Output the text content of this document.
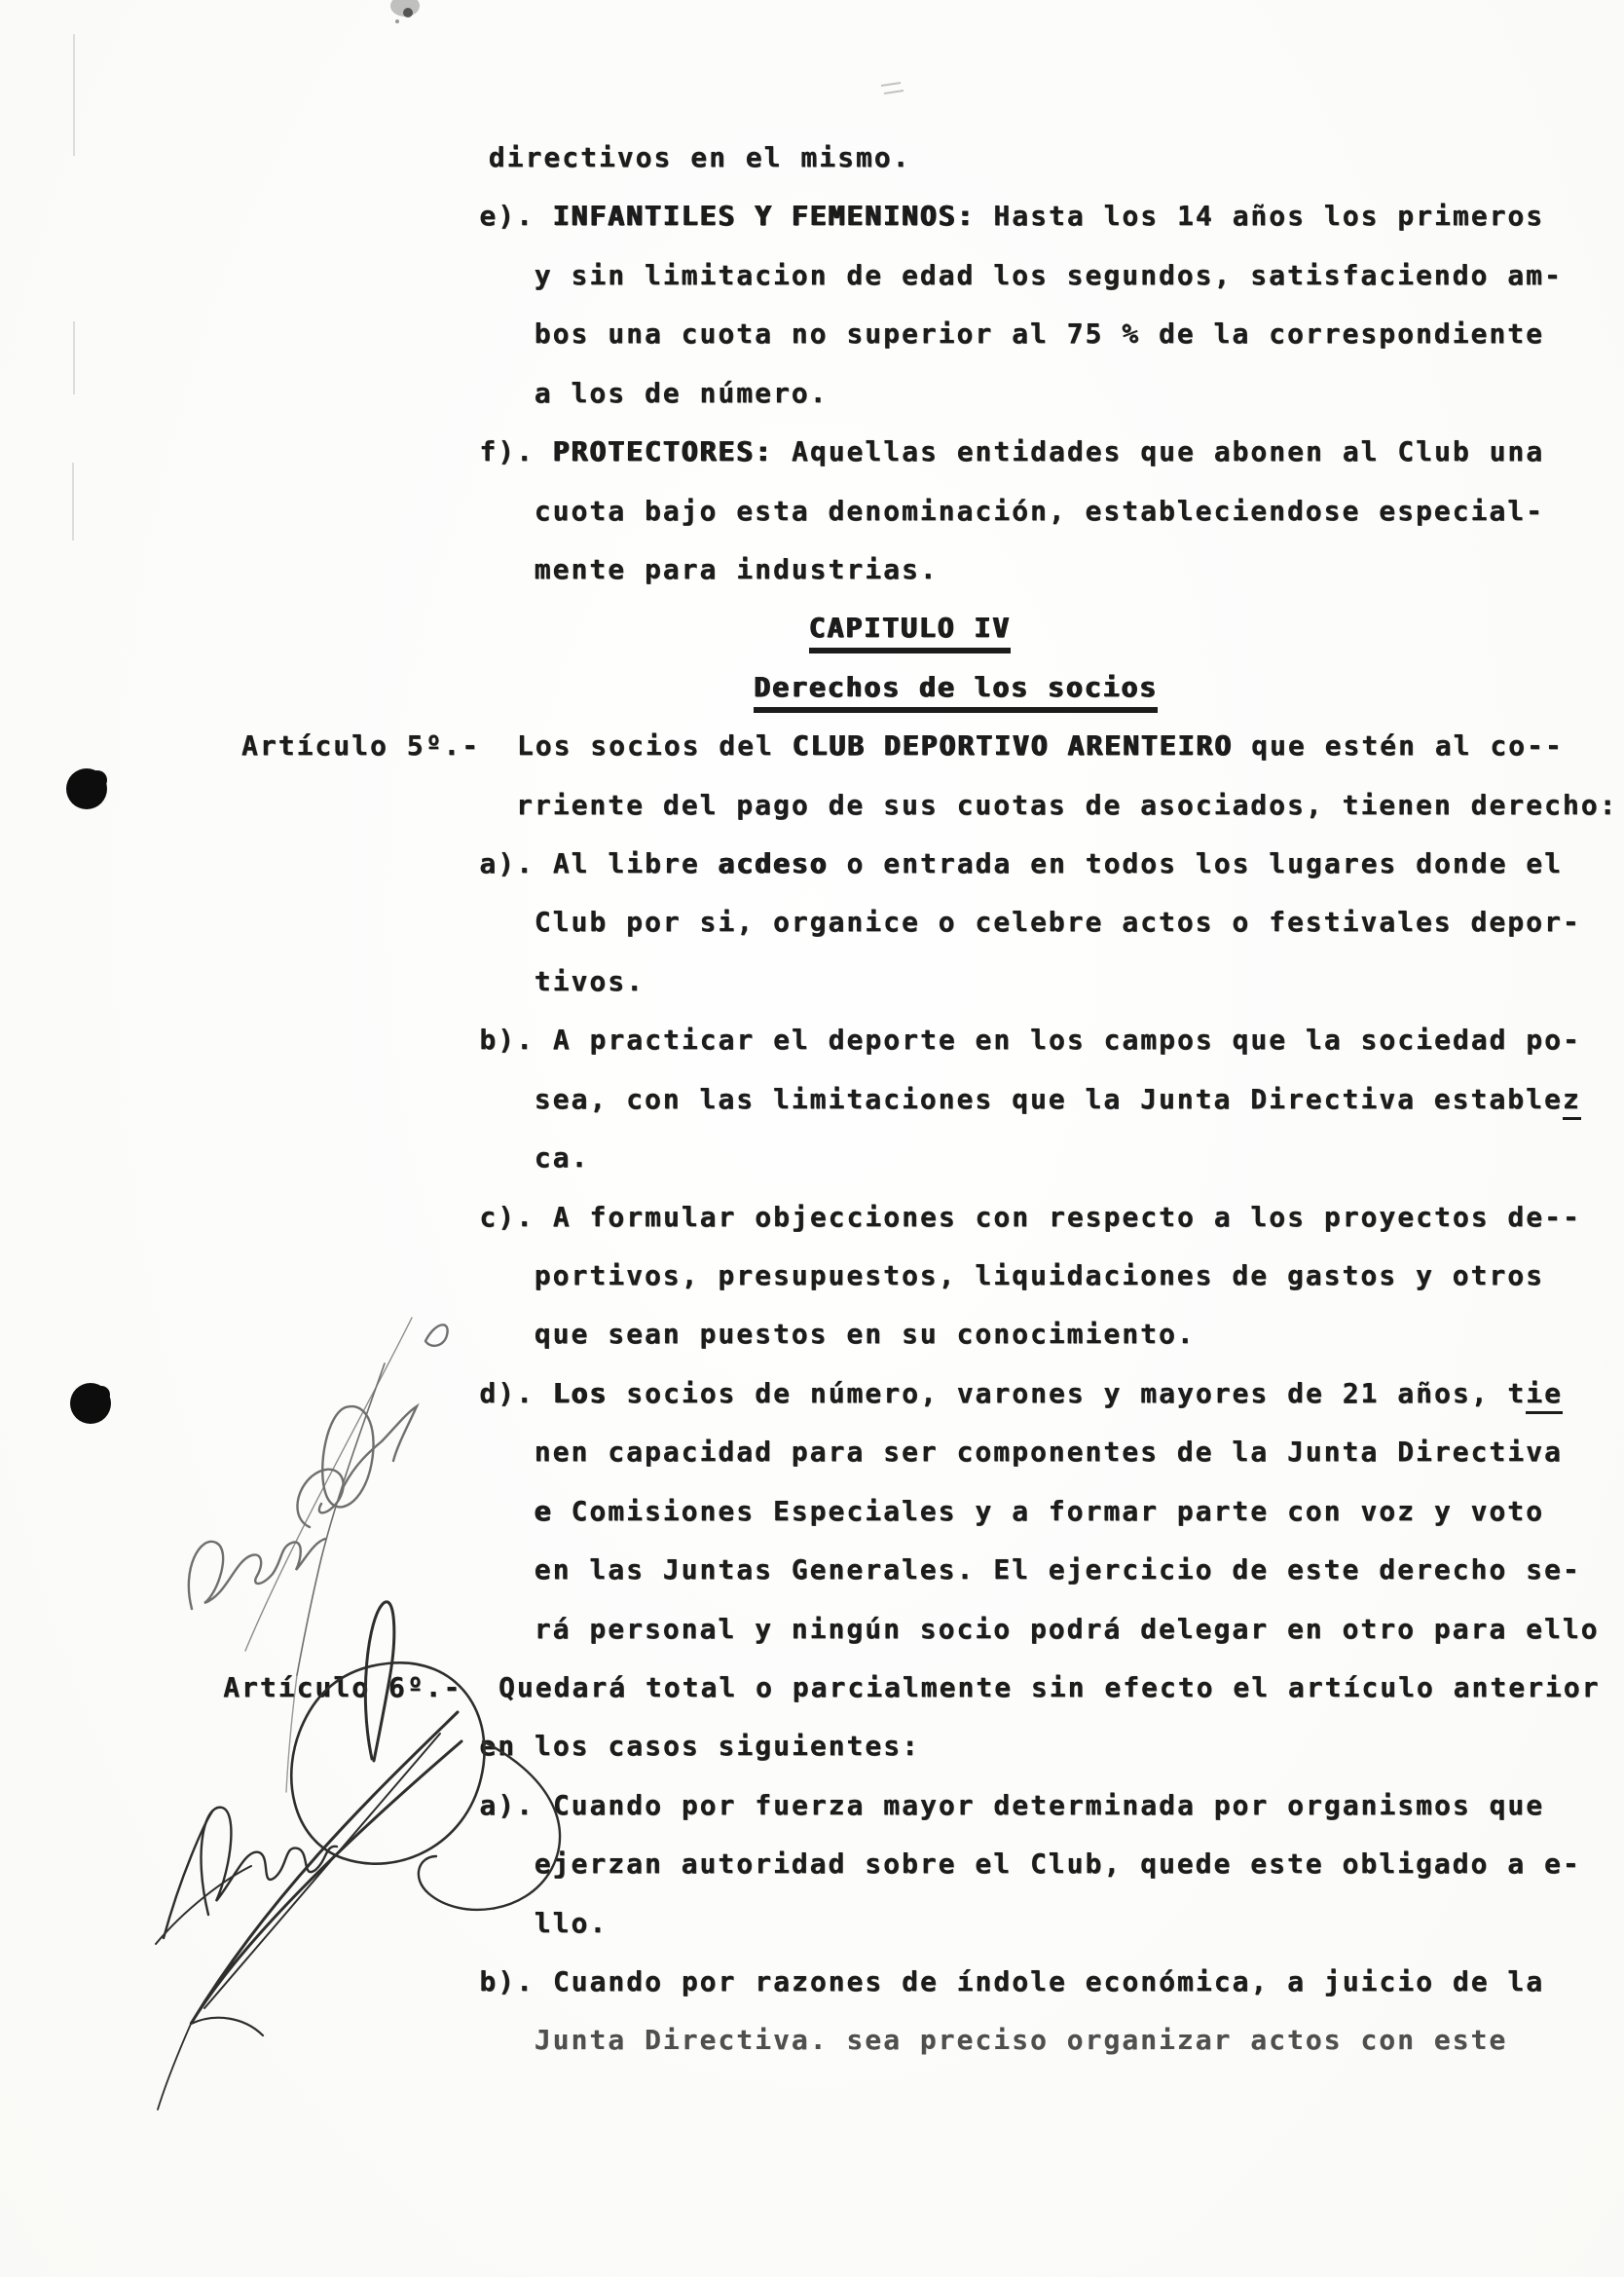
directivos en el mismo.
e). INFANTILES Y FEMENINOS: Hasta los 14 años los primeros
y sin limitacion de edad los segundos, satisfaciendo am-
bos una cuota no superior al 75 % de la correspondiente
a los de número.
f). PROTECTORES: Aquellas entidades que abonen al Club una
cuota bajo esta denominación, estableciendose especial-
mente para industrias.
CAPITULO IV
Derechos de los socios
Artículo 5º.-  Los socios del CLUB DEPORTIVO ARENTEIRO que estén al co--
rriente del pago de sus cuotas de asociados, tienen derecho:
a). Al libre acdeso o entrada en todos los lugares donde el
Club por si, organice o celebre actos o festivales depor-
tivos.
b). A practicar el deporte en los campos que la sociedad po-
sea, con las limitaciones que la Junta Directiva establez
ca.
c). A formular objecciones con respecto a los proyectos de--
portivos, presupuestos, liquidaciones de gastos y otros
que sean puestos en su conocimiento.
d). Los socios de número, varones y mayores de 21 años, tie
nen capacidad para ser componentes de la Junta Directiva
e Comisiones Especiales y a formar parte con voz y voto
en las Juntas Generales. El ejercicio de este derecho se-
rá personal y ningún socio podrá delegar en otro para ello
Artículo 6º.-  Quedará total o parcialmente sin efecto el artículo anterior
en los casos siguientes:
a). Cuando por fuerza mayor determinada por organismos que
ejerzan autoridad sobre el Club, quede este obligado a e-
llo.
b). Cuando por razones de índole económica, a juicio de la
Junta Directiva. sea preciso organizar actos con este
